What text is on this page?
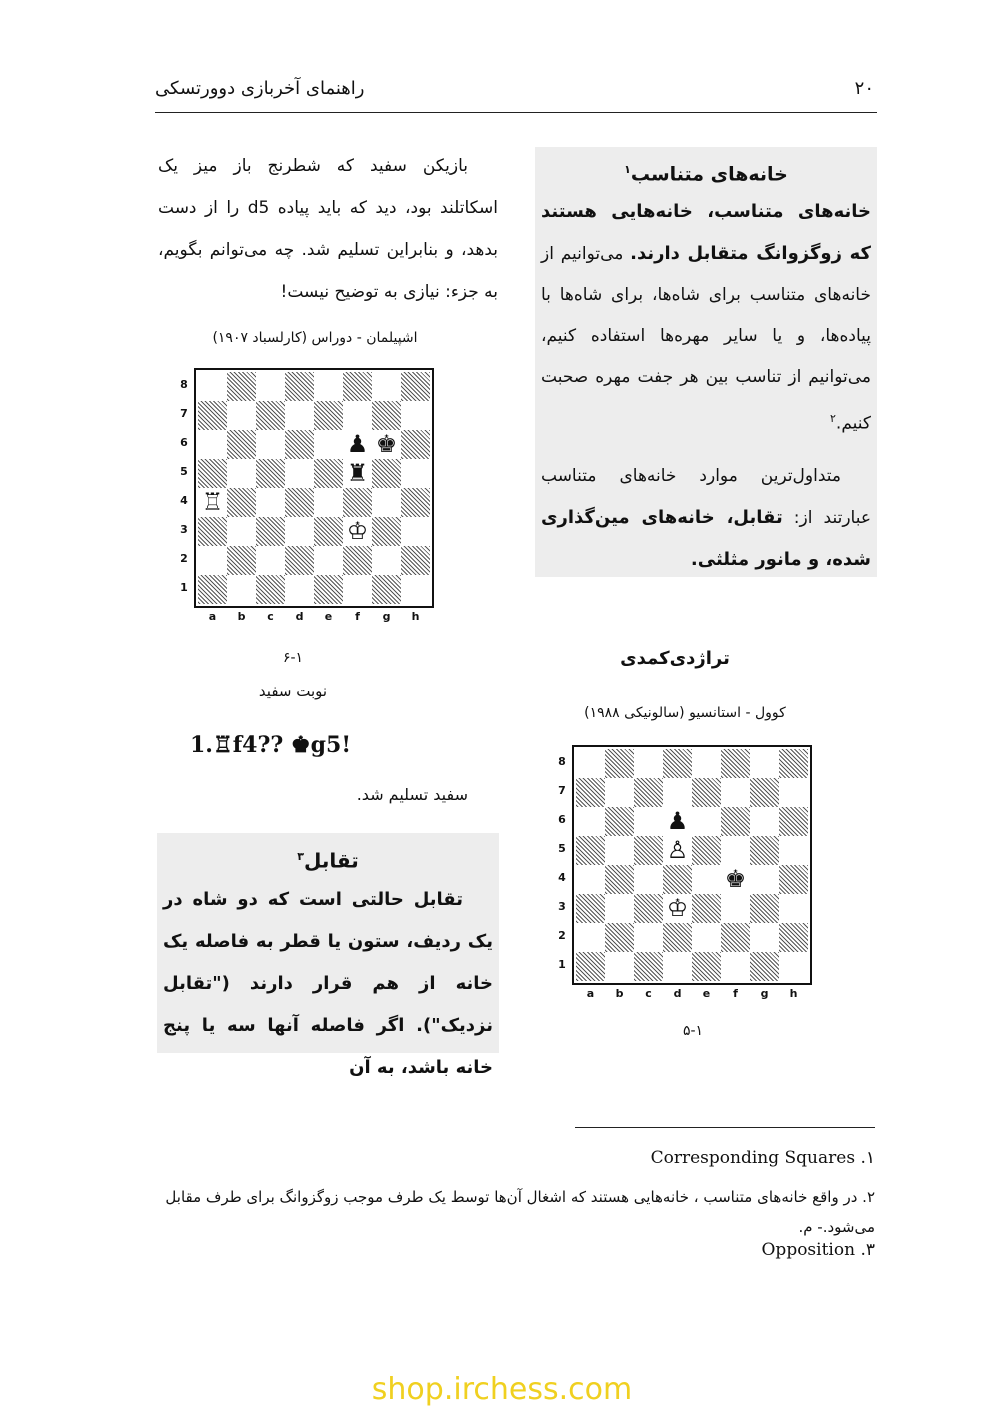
راهنمای آخربازی دوورتسکی	۲۰
خانه‌های متناسب$^۱$
خانه‌های متناسب، خانه‌هایی هستند که زوگزوانگ متقابل دارند. می‌توانیم از خانه‌های متناسب برای شاه‌ها، برای شاه‌ها با پیاده‌ها، و یا سایر مهره‌ها استفاده کنیم، می‌توانیم از تناسب بین هر جفت مهره صحبت کنیم.$^۲$
متداول‌ترین موارد خانه‌های متناسب عبارتند از: تقابل، خانه‌های مین‌گذاری شده، و مانور مثلثی.
بازیکن سفید که شطرنج باز میز یک اسکاتلند بود، دید که باید پیاده d5 را از دست بدهد، و بنابراین تسلیم شد. چه می‌توانم بگویم، به جزء: نیازی به توضیح نیست!
اشپیلمان - دوراس (کارلسباد ۱۹۰۷)
♟ ♚
♜
♖
♔
8
7
6
5
4
3
2
1
a	b	c	d	e	f	g	h
۶-۱
نوبت سفید
1.♖f4?? ♚g5!
سفید تسلیم شد.
تقابل$^۳$
تقابل حالتی است که دو شاه در یک ردیف، ستون یا قطر به فاصله یک خانه از هم قرار دارند ("تقابل نزدیک"). اگر فاصله آنها سه یا پنج خانه باشد، به آن
تراژدی‌کمدی
کوول - استانسیو (سالونیکی ۱۹۸۸)
♟
♙
♚
♔
8
7
6
5
4
3
2
1
a	b	c	d	e	f	g	h
۵-۱
Corresponding Squares .۱
۲. در واقع خانه‌های متناسب ، خانه‌هایی هستند که اشغال آن‌ها توسط یک طرف موجب زوگزوانگ برای طرف مقابل می‌شود.- م.
Opposition .۳
shop.irchess.com
